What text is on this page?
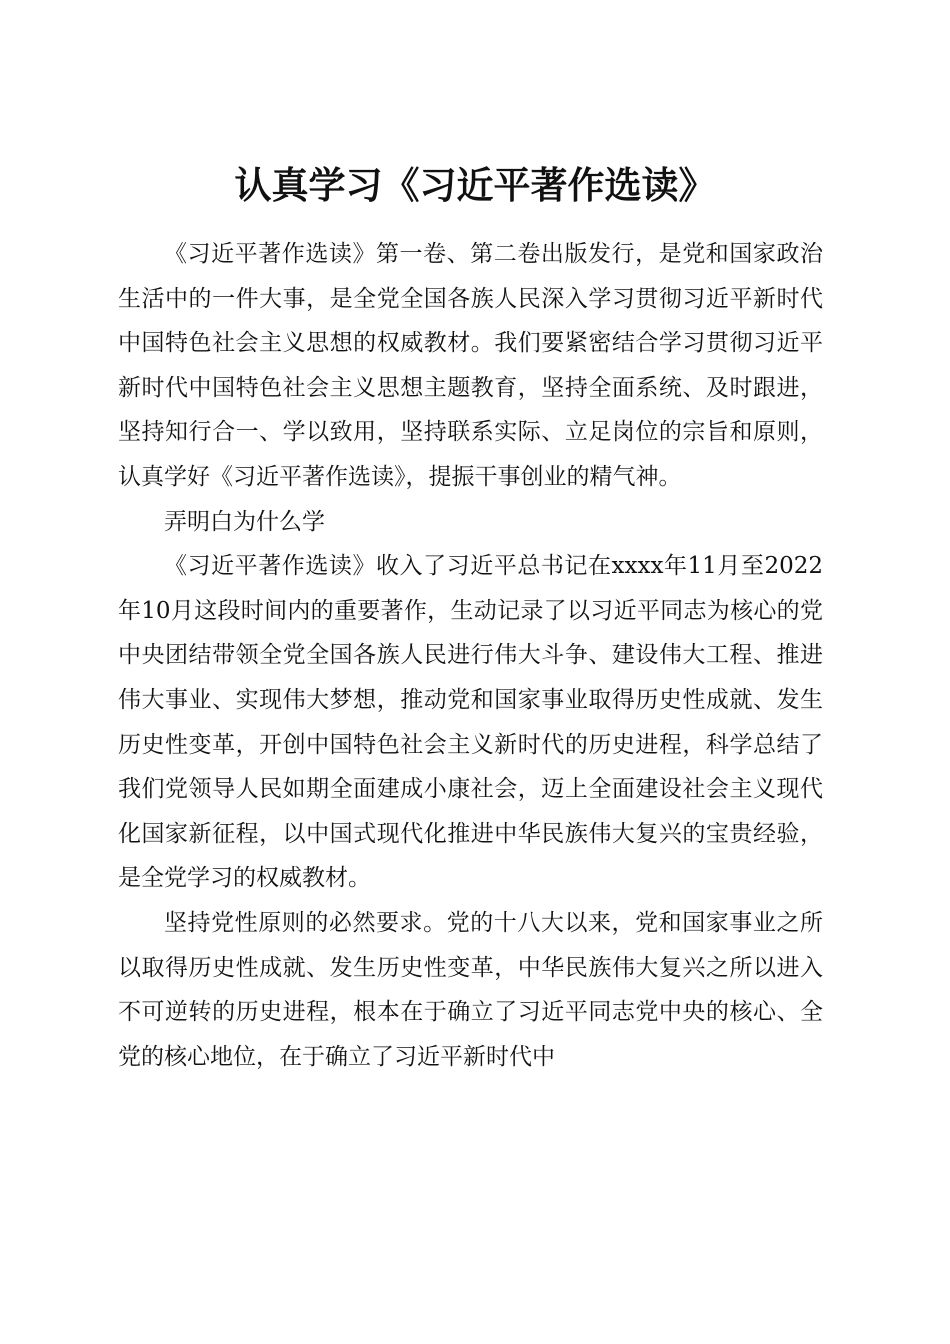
认真学习《习近平著作选读》

《习近平著作选读》第一卷、第二卷出版发行，是党和国家政治生活中的一件大事，是全党全国各族人民深入学习贯彻习近平新时代中国特色社会主义思想的权威教材。我们要紧密结合学习贯彻习近平新时代中国特色社会主义思想主题教育，坚持全面系统、及时跟进，坚持知行合一、学以致用，坚持联系实际、立足岗位的宗旨和原则，认真学好《习近平著作选读》，提振干事创业的精气神。

弄明白为什么学

《习近平著作选读》收入了习近平总书记在xxxx年11月至2022年10月这段时间内的重要著作，生动记录了以习近平同志为核心的党中央团结带领全党全国各族人民进行伟大斗争、建设伟大工程、推进伟大事业、实现伟大梦想，推动党和国家事业取得历史性成就、发生历史性变革，开创中国特色社会主义新时代的历史进程，科学总结了我们党领导人民如期全面建成小康社会，迈上全面建设社会主义现代化国家新征程，以中国式现代化推进中华民族伟大复兴的宝贵经验，是全党学习的权威教材。

坚持党性原则的必然要求。党的十八大以来，党和国家事业之所以取得历史性成就、发生历史性变革，中华民族伟大复兴之所以进入不可逆转的历史进程，根本在于确立了习近平同志党中央的核心、全党的核心地位，在于确立了习近平新时代中
